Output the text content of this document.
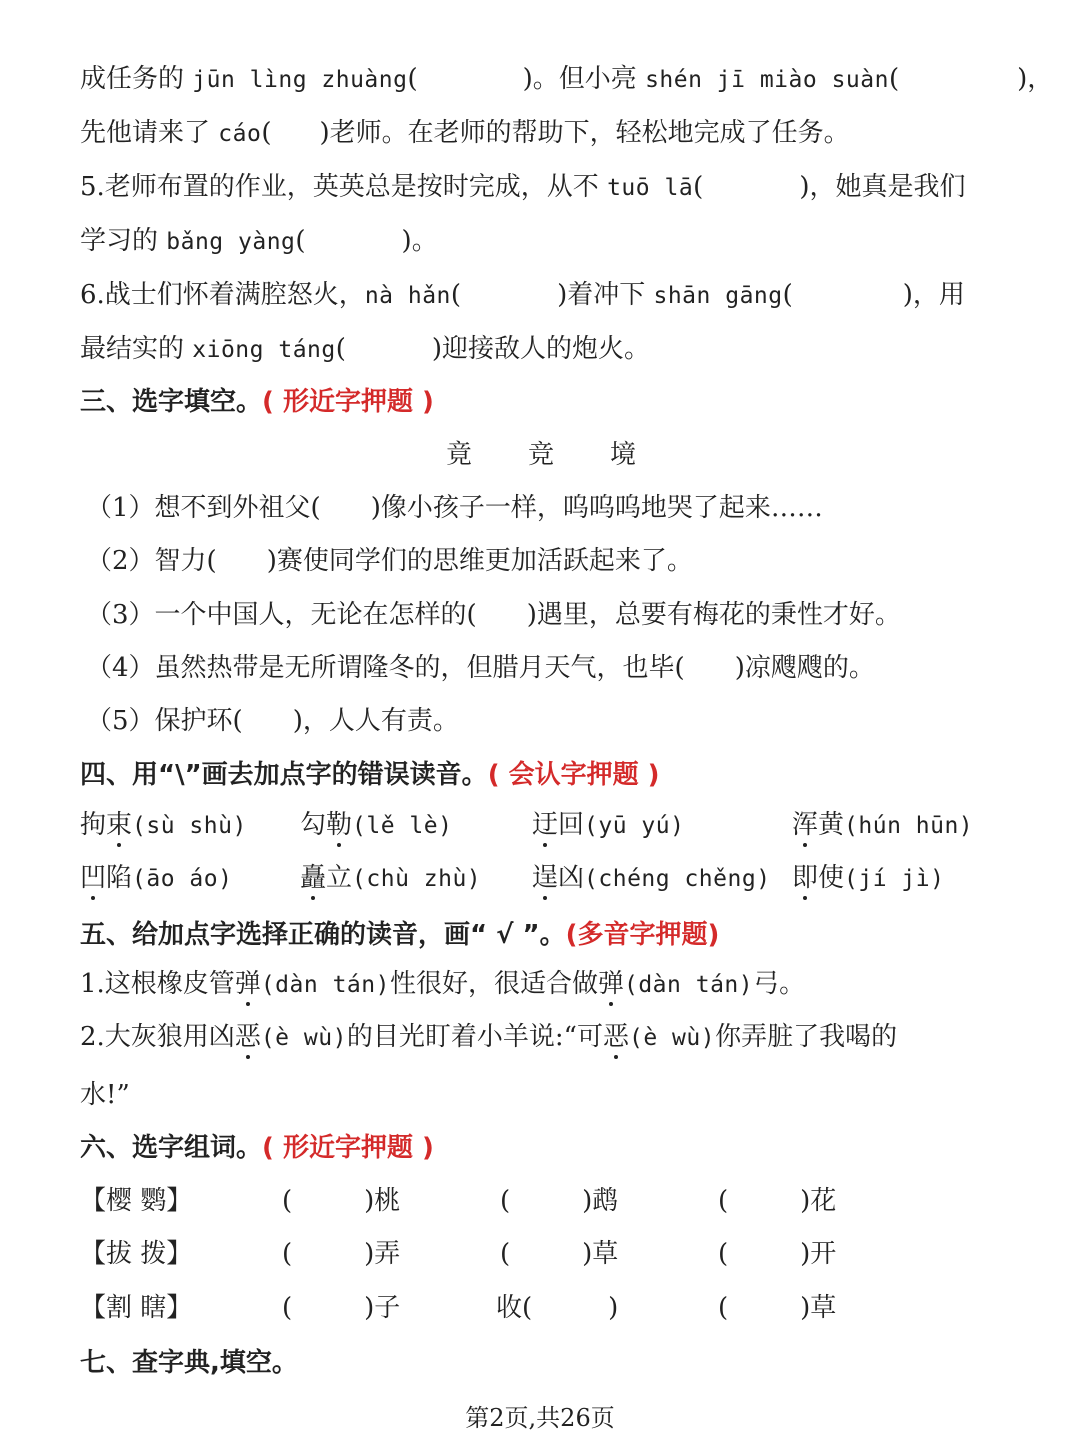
成任务的 jūn lìng zhuàng(	)。但小亮 shén jī miào suàn(	)，
先他请来了 cáo( )老师。在老师的帮助下，轻松地完成了任务。
5.老师布置的作业，英英总是按时完成，从不 tuō lā(	)，她真是我们
学习的 bǎng yàng(	)。
6.战士们怀着满腔怒火，nà hǎn(	)着冲下 shān gāng(	)，用
最结实的 xiōng táng(	)迎接敌人的炮火。
三、选字填空。( 形近字押题 )
竟 竞 境
（1）想不到外祖父( )像小孩子一样，呜呜呜地哭了起来……
（2）智力( )赛使同学们的思维更加活跃起来了。
（3）一个中国人，无论在怎样的( )遇里，总要有梅花的秉性才好。
（4）虽然热带是无所谓隆冬的，但腊月天气，也毕( )凉飕飕的。
（5）保护环( )，人人有责。
四、用“\”画去加点字的错误读音。( 会认字押题 )
拘束(sù shù) 勾勒(lě lè)	迂回(yū yú)	浑黄(hún hūn)
凹陷(āo áo)	矗立(chù zhù) 逞凶(chéng chěng) 即使(jí jì)
五、给加点字选择正确的读音，画“ √ ”。(多音字押题)
1.这根橡皮管弹(dàn tán)性很好，很适合做弹(dàn tán)弓。
2.大灰狼用凶恶(è wù)的目光盯着小羊说:“可恶(è wù)你弄脏了我喝的
水!”
六、选字组词。( 形近字押题 )
【樱 鹦】	(	)桃	(	)鹉	(	)花
【拔 拨】	(	)弄	(	)草	(	)开
【割 瞎】	(	)子	收(	)	(	)草
七、查字典,填空。
第2页,共26页
